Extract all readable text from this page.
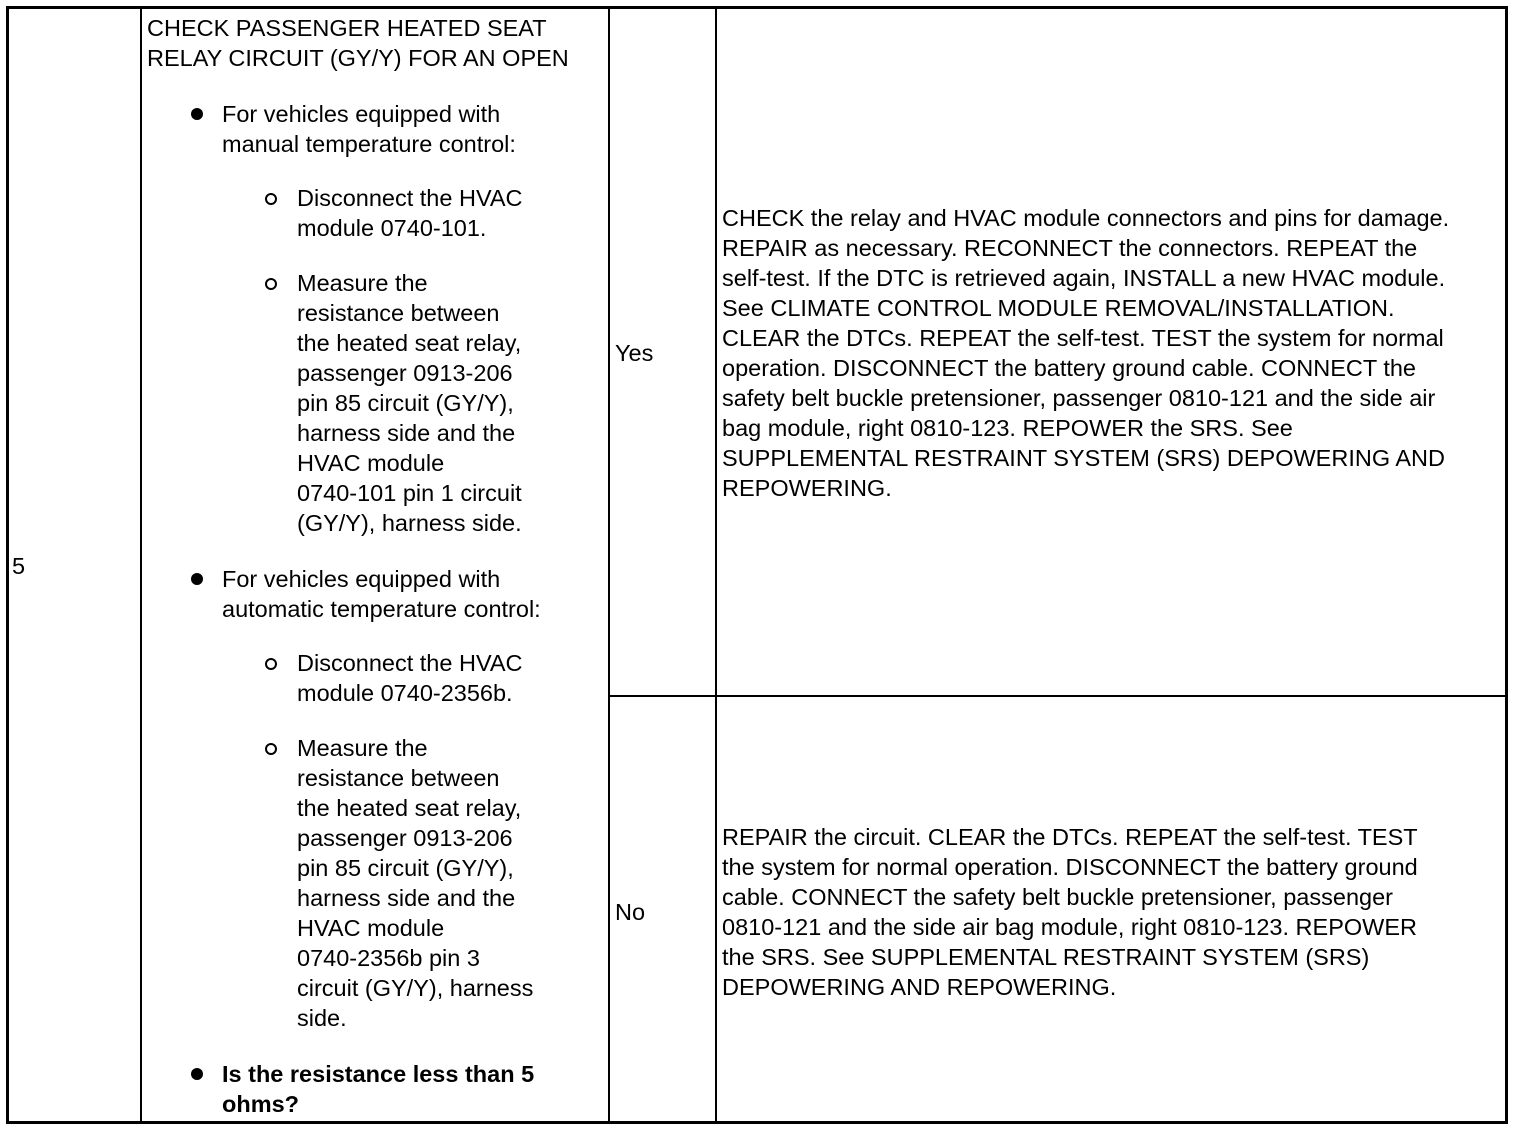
5
CHECK PASSENGER HEATED SEAT
RELAY CIRCUIT (GY/Y) FOR AN OPEN
For vehicles equipped with
manual temperature control:
Disconnect the HVAC
module 0740-101.
Measure the
resistance between
the heated seat relay,
passenger 0913-206
pin 85 circuit (GY/Y),
harness side and the
HVAC module
0740-101 pin 1 circuit
(GY/Y), harness side.
For vehicles equipped with
automatic temperature control:
Disconnect the HVAC
module 0740-2356b.
Measure the
resistance between
the heated seat relay,
passenger 0913-206
pin 85 circuit (GY/Y),
harness side and the
HVAC module
0740-2356b pin 3
circuit (GY/Y), harness
side.
Is the resistance less than 5
ohms?
Yes
CHECK the relay and HVAC module connectors and pins for damage.
REPAIR as necessary. RECONNECT the connectors. REPEAT the
self-test. If the DTC is retrieved again, INSTALL a new HVAC module.
See CLIMATE CONTROL MODULE REMOVAL/INSTALLATION.
CLEAR the DTCs. REPEAT the self-test. TEST the system for normal
operation. DISCONNECT the battery ground cable. CONNECT the
safety belt buckle pretensioner, passenger 0810-121 and the side air
bag module, right 0810-123. REPOWER the SRS. See
SUPPLEMENTAL RESTRAINT SYSTEM (SRS) DEPOWERING AND
REPOWERING.
No
REPAIR the circuit. CLEAR the DTCs. REPEAT the self-test. TEST
the system for normal operation. DISCONNECT the battery ground
cable. CONNECT the safety belt buckle pretensioner, passenger
0810-121 and the side air bag module, right 0810-123. REPOWER
the SRS. See SUPPLEMENTAL RESTRAINT SYSTEM (SRS)
DEPOWERING AND REPOWERING.
